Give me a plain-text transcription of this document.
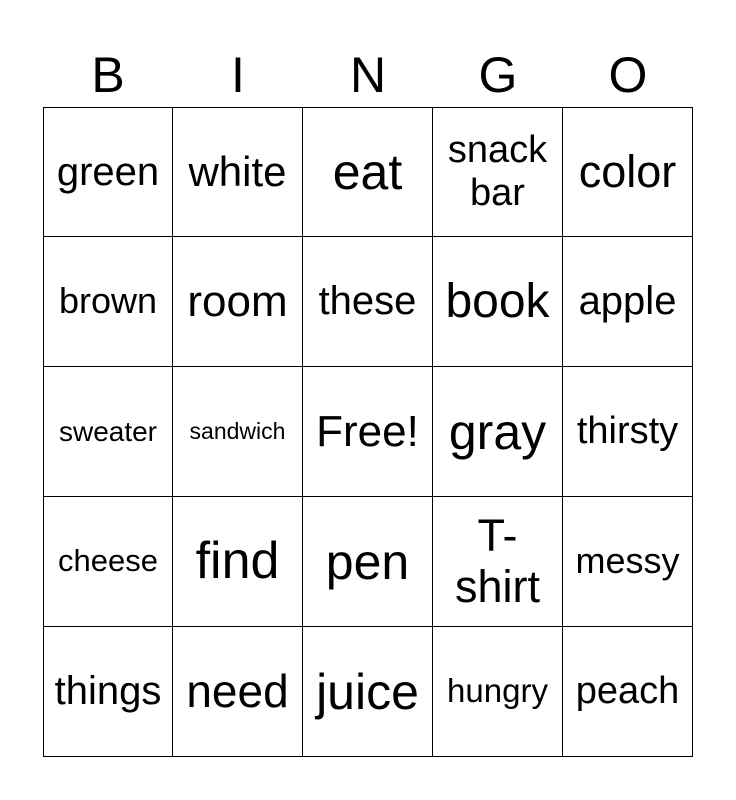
B	I	N	G	O
green white eat	snack bar	color
brown room these book apple
sweater	sandwich Free! gray thirsty
cheese find pen	T-shirt messy
things need juice hungry peach
